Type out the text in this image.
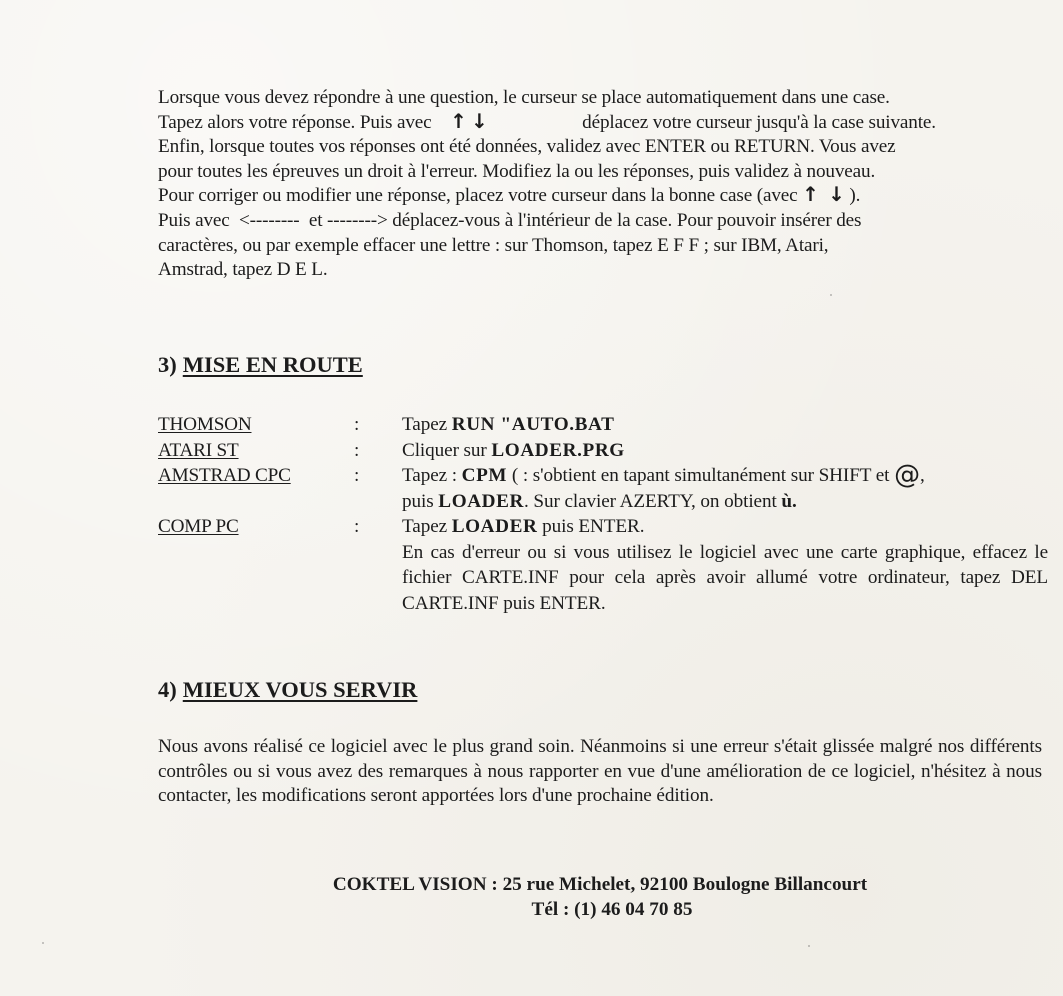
Lorsque vous devez répondre à une question, le curseur se place automatiquement dans une case.

Tapez alors votre réponse. Puis avec ↑↓	déplacez votre curseur jusqu'à la case suivante.

Enfin, lorsque toutes vos réponses ont été données, validez avec ENTER ou RETURN. Vous avez

pour toutes les épreuves un droit à l'erreur. Modifiez la ou les réponses, puis validez à nouveau.

Pour corriger ou modifier une réponse, placez votre curseur dans la bonne case (avec ↑ ↓ ).

Puis avec  <--------  et --------> déplacez-vous à l'intérieur de la case. Pour pouvoir insérer des

caractères, ou par exemple effacer une lettre : sur Thomson, tapez E F F ; sur IBM, Atari,

Amstrad, tapez D E L.

3) MISE EN ROUTE
THOMSON	:	Tapez RUN "AUTO.BAT
ATARI ST	:	Cliquer sur LOADER.PRG
AMSTRAD CPC	:	Tapez : CPM ( : s'obtient en tapant simultanément sur SHIFT et @,
puis LOADER. Sur clavier AZERTY, on obtient ù.
COMP PC	:	Tapez LOADER puis ENTER.
En cas d'erreur ou si vous utilisez le logiciel avec une carte graphique, effacez le fichier CARTE.INF pour cela après avoir allumé votre ordinateur, tapez DEL CARTE.INF puis ENTER.
4) MIEUX VOUS SERVIR

Nous avons réalisé ce logiciel avec le plus grand soin. Néanmoins si une erreur s'était glissée malgré nos différents contrôles ou si vous avez des remarques à nous rapporter en vue d'une amélioration de ce logiciel, n'hésitez à nous contacter, les modifications seront apportées lors d'une prochaine édition.

COKTEL VISION : 25 rue Michelet, 92100 Boulogne Billancourt
Tél : (1) 46 04 70 85
